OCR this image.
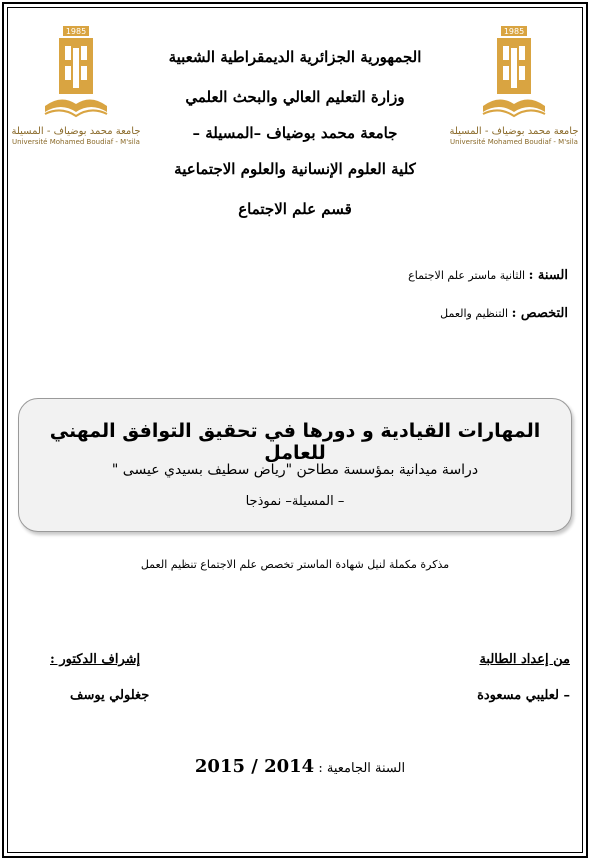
1985
جامعة محمد بوضياف - المسيلة
Université Mohamed Boudiaf - M'sila
1985
جامعة محمد بوضياف - المسيلة
Université Mohamed Boudiaf - M'sila
الجمهورية الجزائرية الديمقراطية الشعبية
وزارة التعليم العالي والبحث العلمي
جامعة محمد بوضياف –المسيلة –
كلية العلوم الإنسانية والعلوم الاجتماعية
قسم علم الاجتماع
السنة : الثانية ماستر علم الاجتماع
التخصص : التنظيم والعمل
المهارات القيادية و دورها في تحقيق التوافق المهني للعامل
دراسة ميدانية بمؤسسة مطاحن "رياض سطيف بسيدي عيسى "
– المسيلة– نموذجا
مذكرة مكملة لنيل شهادة الماستر تخصص علم الاجتماع تنظيم العمل
من إعداد الطالبة
إشراف الدكتور :
– لعليبي مسعودة
جغلولي يوسف
السنة الجامعية : 2015 / 2014
